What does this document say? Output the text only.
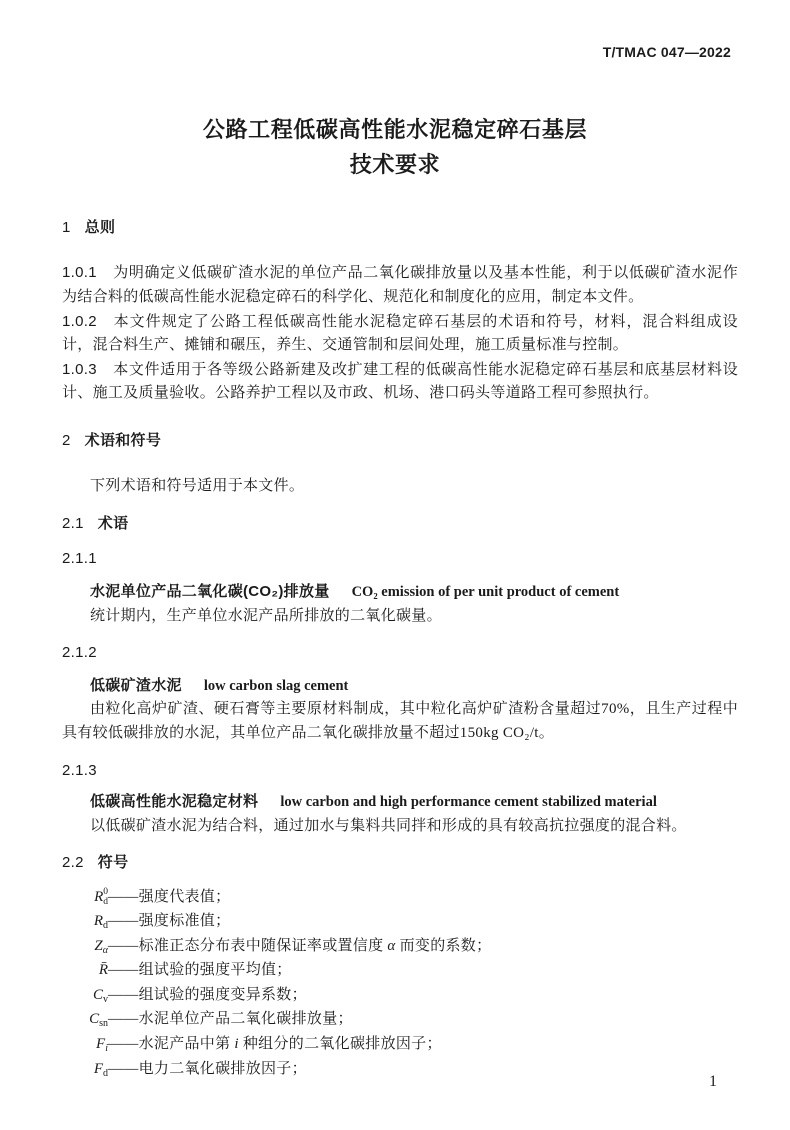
T/TMAC 047—2022
公路工程低碳高性能水泥稳定碎石基层
技术要求
1 总则

1.0.1 为明确定义低碳矿渣水泥的单位产品二氧化碳排放量以及基本性能，利于以低碳矿渣水泥作为结合料的低碳高性能水泥稳定碎石的科学化、规范化和制度化的应用，制定本文件。

1.0.2 本文件规定了公路工程低碳高性能水泥稳定碎石基层的术语和符号，材料，混合料组成设计，混合料生产、摊铺和碾压，养生、交通管制和层间处理，施工质量标准与控制。

1.0.3 本文件适用于各等级公路新建及改扩建工程的低碳高性能水泥稳定碎石基层和底基层材料设计、施工及质量验收。公路养护工程以及市政、机场、港口码头等道路工程可参照执行。

2 术语和符号

下列术语和符号适用于本文件。

2.1 术语
2.1.1
水泥单位产品二氧化碳(CO₂)排放量 CO₂ emission of per unit product of cement

统计期内，生产单位水泥产品所排放的二氧化碳量。

2.1.2
低碳矿渣水泥 low carbon slag cement

由粒化高炉矿渣、硬石膏等主要原材料制成，其中粒化高炉矿渣粉含量超过70%，且生产过程中具有较低碳排放的水泥，其单位产品二氧化碳排放量不超过150kg CO₂/t。

2.1.3
低碳高性能水泥稳定材料 low carbon and high performance cement stabilized material

以低碳矿渣水泥为结合料，通过加水与集料共同拌和形成的具有较高抗拉强度的混合料。

2.2 符号
R 0
d ——强度代表值；
$R_d——$强度标准值；
$Z_\alpha——$标准正态分布表中随保证率或置信度 α 而变的系数；
R̄——组试验的强度平均值；
$C_v——$组试验的强度变异系数；
$C_{sn}——$水泥单位产品二氧化碳排放量；
$F_i——$水泥产品中第 i 种组分的二氧化碳排放因子；
$F_d——$电力二氧化碳排放因子；
1
